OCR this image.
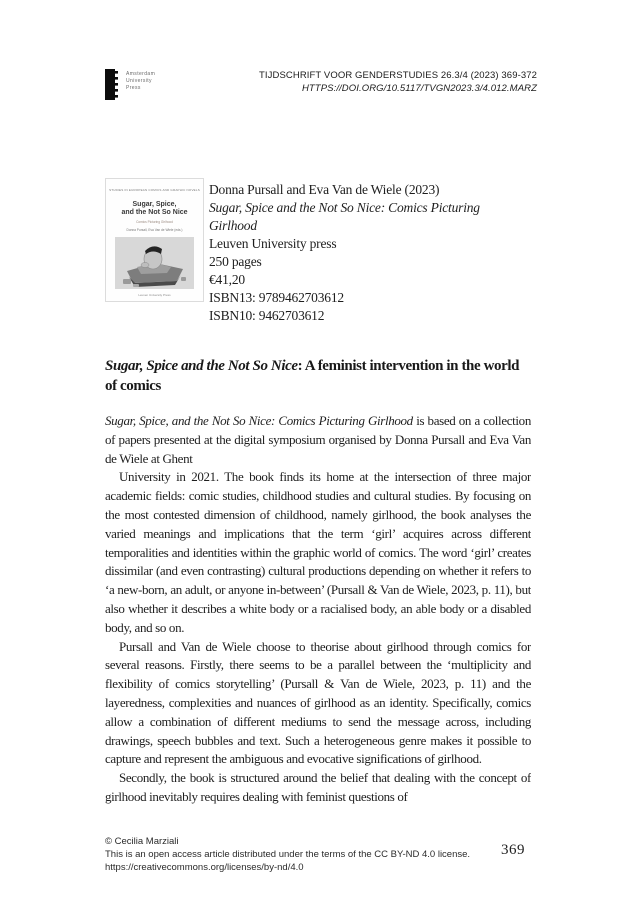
Amsterdam
University
Press
TIJDSCHRIFT VOOR GENDERSTUDIES 26.3/4 (2023) 369-372
HTTPS://DOI.ORG/10.5117/TVGN2023.3/4.012.MARZ
STUDIES IN EUROPEAN COMICS AND GRAPHIC NOVELS
Sugar, Spice,
and the Not So Nice
Comics Picturing Girlhood
Donna Pursall, Eva Van de Wiele (eds.)
Leuven University Press
Donna Pursall and Eva Van de Wiele (2023)
Sugar, Spice and the Not So Nice: Comics Picturing Girlhood
Leuven University press
250 pages
€41,20
ISBN13: 9789462703612
ISBN10: 9462703612
Sugar, Spice and the Not So Nice: A feminist intervention in the world of comics

Sugar, Spice, and the Not So Nice: Comics Picturing Girlhood is based on a collection of papers presented at the digital symposium organised by Donna Pursall and Eva Van de Wiele at Ghent

University in 2021. The book finds its home at the intersection of three major academic fields: comic studies, childhood studies and cultural studies. By focusing on the most contested dimension of childhood, namely girlhood, the book analyses the varied meanings and implications that the term ‘girl’ acquires across different temporalities and identities within the graphic world of comics. The word ‘girl’ creates dissimilar (and even contrasting) cultural productions depending on whether it refers to ‘a new-born, an adult, or anyone in-between’ (Pursall & Van de Wiele, 2023, p. 11), but also whether it describes a white body or a racialised body, an able body or a disabled body, and so on.

Pursall and Van de Wiele choose to theorise about girlhood through comics for several reasons. Firstly, there seems to be a parallel between the ‘multiplicity and flexibility of comics storytelling’ (Pursall & Van de Wiele, 2023, p. 11) and the layeredness, complexities and nuances of girlhood as an identity. Specifically, comics allow a combination of different mediums to send the message across, including drawings, speech bubbles and text. Such a heterogeneous genre makes it possible to capture and represent the ambiguous and evocative significations of girlhood.

Secondly, the book is structured around the belief that dealing with the concept of girlhood inevitably requires dealing with feminist questions of

© Cecilia Marziali
This is an open access article distributed under the terms of the CC BY-ND 4.0 license.
https://creativecommons.org/licenses/by-nd/4.0
369
